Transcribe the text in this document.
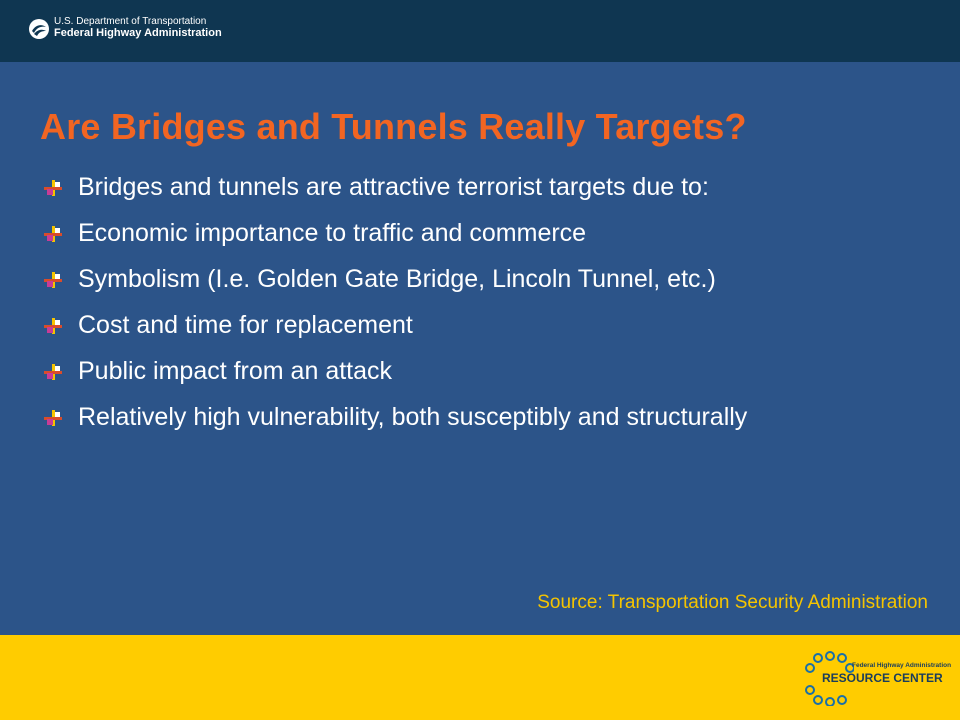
U.S. Department of Transportation
Federal Highway Administration
Are Bridges and Tunnels Really Targets?
Bridges and tunnels are attractive terrorist targets due to:
Economic importance to traffic and commerce
Symbolism (I.e. Golden Gate Bridge, Lincoln Tunnel, etc.)
Cost and time for replacement
Public impact from an attack
Relatively high vulnerability, both susceptibly and structurally
Source: Transportation Security Administration
Federal Highway Administration
RESOURCE CENTER
